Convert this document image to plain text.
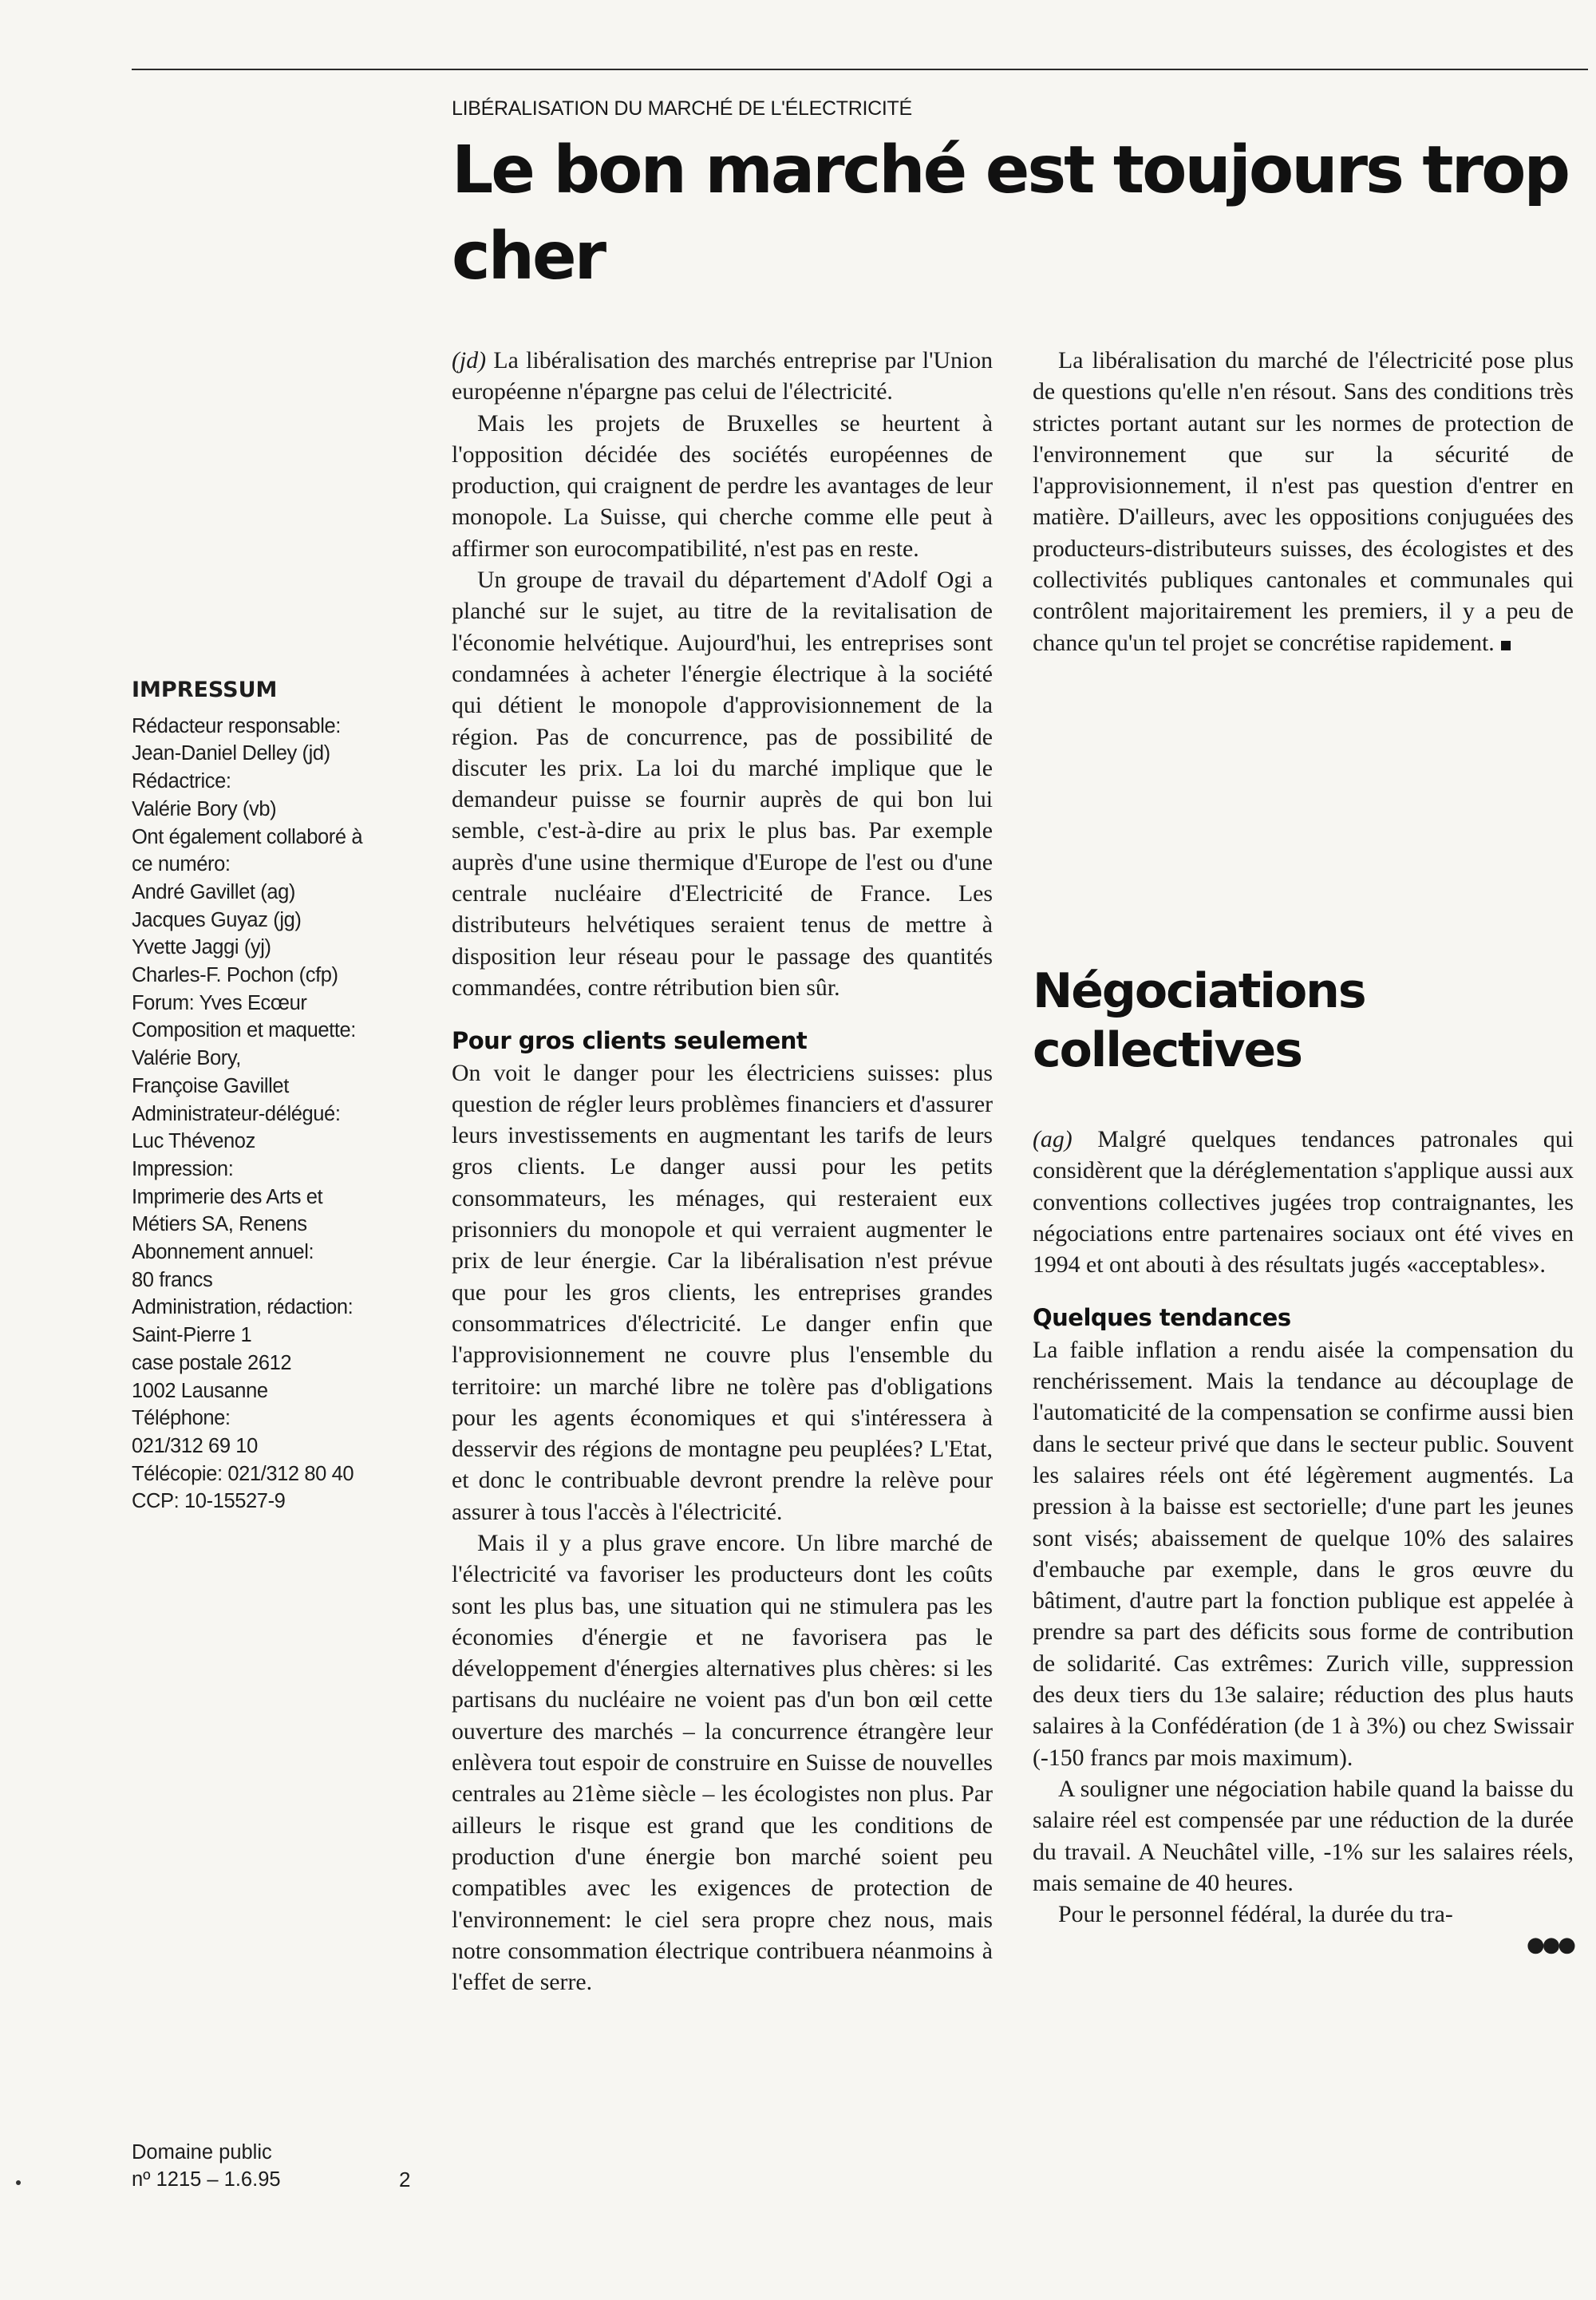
LIBÉRALISATION DU MARCHÉ DE L'ÉLECTRICITÉ
Le bon marché est toujours trop cher

(jd) La libéralisation des marchés entreprise par l'Union européenne n'épargne pas celui de l'électricité.

Mais les projets de Bruxelles se heurtent à l'opposition décidée des sociétés européennes de production, qui craignent de perdre les avantages de leur monopole. La Suisse, qui cherche comme elle peut à affirmer son eurocompatibilité, n'est pas en reste.

Un groupe de travail du département d'Adolf Ogi a planché sur le sujet, au titre de la revitalisation de l'économie helvétique. Aujourd'hui, les entreprises sont condamnées à acheter l'énergie électrique à la société qui détient le monopole d'approvisionnement de la région. Pas de concurrence, pas de possibilité de discuter les prix. La loi du marché implique que le demandeur puisse se fournir auprès de qui bon lui semble, c'est-à-dire au prix le plus bas. Par exemple auprès d'une usine thermique d'Europe de l'est ou d'une centrale nucléaire d'Electricité de France. Les distributeurs helvétiques seraient tenus de mettre à disposition leur réseau pour le passage des quantités commandées, contre rétribution bien sûr.

Pour gros clients seulement

On voit le danger pour les électriciens suisses: plus question de régler leurs problèmes financiers et d'assurer leurs investissements en augmentant les tarifs de leurs gros clients. Le danger aussi pour les petits consommateurs, les ménages, qui resteraient eux prisonniers du monopole et qui verraient augmenter le prix de leur énergie. Car la libéralisation n'est prévue que pour les gros clients, les entreprises grandes consommatrices d'électricité. Le danger enfin que l'approvisionnement ne couvre plus l'ensemble du territoire: un marché libre ne tolère pas d'obligations pour les agents économiques et qui s'intéressera à desservir des régions de montagne peu peuplées? L'Etat, et donc le contribuable devront prendre la relève pour assurer à tous l'accès à l'électricité.

Mais il y a plus grave encore. Un libre marché de l'électricité va favoriser les producteurs dont les coûts sont les plus bas, une situation qui ne stimulera pas les économies d'énergie et ne favorisera pas le développement d'énergies alternatives plus chères: si les partisans du nucléaire ne voient pas d'un bon œil cette ouverture des marchés – la concurrence étrangère leur enlèvera tout espoir de construire en Suisse de nouvelles centrales au 21ème siècle – les écologistes non plus. Par ailleurs le risque est grand que les conditions de production d'une énergie bon marché soient peu compatibles avec les exigences de protection de l'environnement: le ciel sera propre chez nous, mais notre consommation électrique contribuera néanmoins à l'effet de serre.

La libéralisation du marché de l'électricité pose plus de questions qu'elle n'en résout. Sans des conditions très strictes portant autant sur les normes de protection de l'environnement que sur la sécurité de l'approvisionnement, il n'est pas question d'entrer en matière. D'ailleurs, avec les oppositions conjuguées des producteurs-distributeurs suisses, des écologistes et des collectivités publiques cantonales et communales qui contrôlent majoritairement les premiers, il y a peu de chance qu'un tel projet se concrétise rapidement.

Négociations collectives

(ag) Malgré quelques tendances patronales qui considèrent que la déréglementation s'applique aussi aux conventions collectives jugées trop contraignantes, les négociations entre partenaires sociaux ont été vives en 1994 et ont abouti à des résultats jugés «acceptables».

Quelques tendances

La faible inflation a rendu aisée la compensation du renchérissement. Mais la tendance au découplage de l'automaticité de la compensation se confirme aussi bien dans le secteur privé que dans le secteur public. Souvent les salaires réels ont été légèrement augmentés. La pression à la baisse est sectorielle; d'une part les jeunes sont visés; abaissement de quelque 10% des salaires d'embauche par exemple, dans le gros œuvre du bâtiment, d'autre part la fonction publique est appelée à prendre sa part des déficits sous forme de contribution de solidarité. Cas extrêmes: Zurich ville, suppression des deux tiers du 13e salaire; réduction des plus hauts salaires à la Confédération (de 1 à 3%) ou chez Swissair (-150 francs par mois maximum).

A souligner une négociation habile quand la baisse du salaire réel est compensée par une réduction de la durée du travail. A Neuchâtel ville, -1% sur les salaires réels, mais semaine de 40 heures.

Pour le personnel fédéral, la durée du tra-

●●●
IMPRESSUM
Rédacteur responsable:
Jean-Daniel Delley (jd)
Rédactrice:
Valérie Bory (vb)
Ont également collaboré à
ce numéro:
André Gavillet (ag)
Jacques Guyaz (jg)
Yvette Jaggi (yj)
Charles-F. Pochon (cfp)
Forum: Yves Ecœur
Composition et maquette:
Valérie Bory,
Françoise Gavillet
Administrateur-délégué:
Luc Thévenoz
Impression:
Imprimerie des Arts et
Métiers SA, Renens
Abonnement annuel:
80 francs
Administration, rédaction:
Saint-Pierre 1
case postale 2612
1002 Lausanne
Téléphone:
021/312 69 10
Télécopie: 021/312 80 40
CCP: 10-15527-9
Domaine public
nº 1215 – 1.6.95	2
